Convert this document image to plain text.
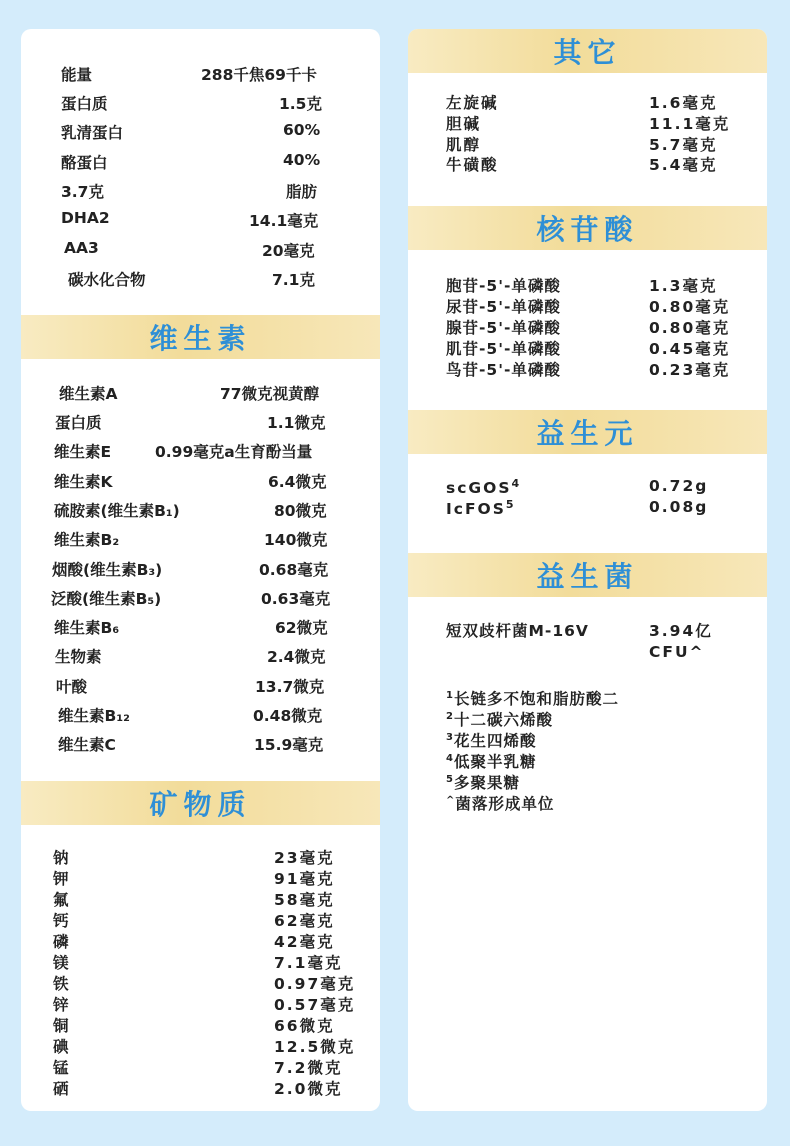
能量	288千焦69千卡
蛋白质	1.5克
乳清蛋白	60%
酪蛋白	40%
3.7克	脂肪
DHA2	14.1毫克
AA3	20毫克
碳水化合物	7.1克
维生素
维生素A	77微克视黄醇
蛋白质	1.1微克
维生素E	0.99毫克a生育酚当量
维生素K	6.4微克
硫胺素(维生素B₁)	80微克
维生素B₂	140微克
烟酸(维生素B₃)	0.68毫克
泛酸(维生素B₅)	0.63毫克
维生素B₆	62微克
生物素	2.4微克
叶酸	13.7微克
维生素B₁₂	0.48微克
维生素C	15.9毫克
矿物质
钠	23毫克
钾	91毫克
氟	58毫克
钙	62毫克
磷	42毫克
镁	7.1毫克
铁	0.97毫克
锌	0.57毫克
铜	66微克
碘	12.5微克
锰	7.2微克
硒	2.0微克
其它
左旋碱	1.6毫克
胆碱	11.1毫克
肌醇	5.7毫克
牛磺酸	5.4毫克
核苷酸
胞苷-5'-单磷酸	1.3毫克
尿苷-5'-单磷酸	0.80毫克
腺苷-5'-单磷酸	0.80毫克
肌苷-5'-单磷酸	0.45毫克
鸟苷-5'-单磷酸	0.23毫克
益生元
scGOS$^4$	0.72g
IcFOS$^5$	0.08g
益生菌
短双歧杆菌M-16V	3.94亿
CFU^
$^1$长链多不饱和脂肪酸二
$^2$十二碳六烯酸
$^3$花生四烯酸
$^4$低聚半乳糖
$^5$多聚果糖
^菌落形成单位
